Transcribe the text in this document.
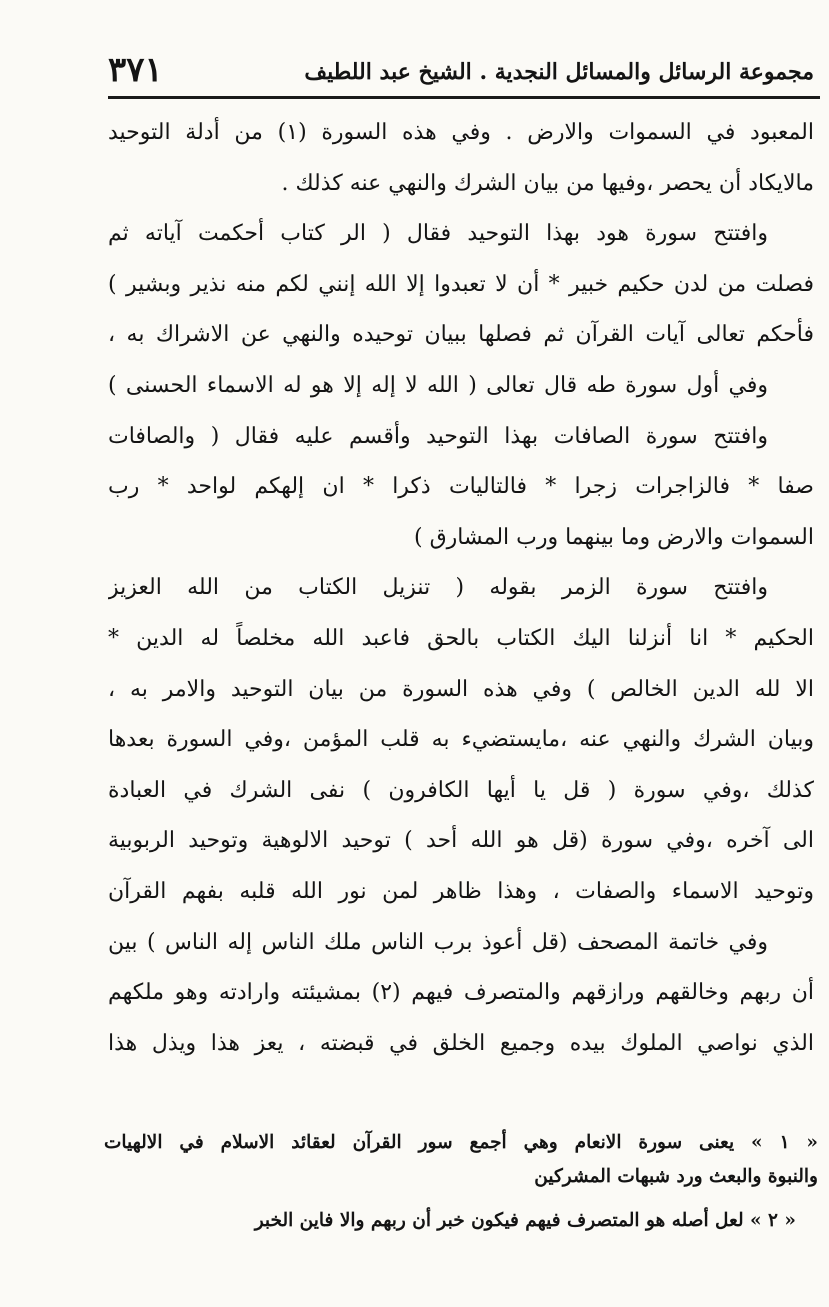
مجموعة الرسائل والمسائل النجدية . الشيخ عبد اللطيف
٣٧١
المعبود في السموات والارض . وفي هذه السورة (١) من أدلة التوحيد
مالايكاد أن يحصر ،وفيها من بيان الشرك والنهي عنه كذلك .
وافتتح سورة هود بهذا التوحيد فقال ( الر كتاب أحكمت آياته ثم
فصلت من لدن حكيم خبير * أن لا تعبدوا إلا الله إنني لكم منه نذير وبشير )
فأحكم تعالى آيات القرآن ثم فصلها ببيان توحيده والنهي عن الاشراك به ،
وفي أول سورة طه قال تعالى ( الله لا إله إلا هو له الاسماء الحسنى )
وافتتح سورة الصافات بهذا التوحيد وأقسم عليه فقال ( والصافات
صفا * فالزاجرات زجرا * فالتاليات ذكرا * ان إلهكم لواحد * رب
السموات والارض وما بينهما ورب المشارق )
وافتتح سورة الزمر بقوله ( تنزيل الكتاب من الله العزيز
الحكيم * انا أنزلنا اليك الكتاب بالحق فاعبد الله مخلصاً له الدين *
الا لله الدين الخالص ) وفي هذه السورة من بيان التوحيد والامر به ،
وبيان الشرك والنهي عنه ،مايستضيء به قلب المؤمن ،وفي السورة بعدها
كذلك ،وفي سورة ( قل يا أيها الكافرون ) نفى الشرك في العبادة
الى آخره ،وفي سورة (قل هو الله أحد ) توحيد الالوهية وتوحيد الربوبية
وتوحيد الاسماء والصفات ، وهذا ظاهر لمن نور الله قلبه بفهم القرآن
وفي خاتمة المصحف (قل أعوذ برب الناس ملك الناس إله الناس ) بين
أن ربهم وخالقهم ورازقهم والمتصرف فيهم (٢) بمشيئته وارادته وهو ملكهم
الذي نواصي الملوك بيده وجميع الخلق في قبضته ، يعز هذا ويذل هذا
« ١ » يعنى سورة الانعام وهي أجمع سور القرآن لعقائد الاسلام في الالهيات
والنبوة والبعث ورد شبهات المشركين
« ٢ » لعل أصله هو المتصرف فيهم فيكون خبر أن ربهم والا فاين الخبر
